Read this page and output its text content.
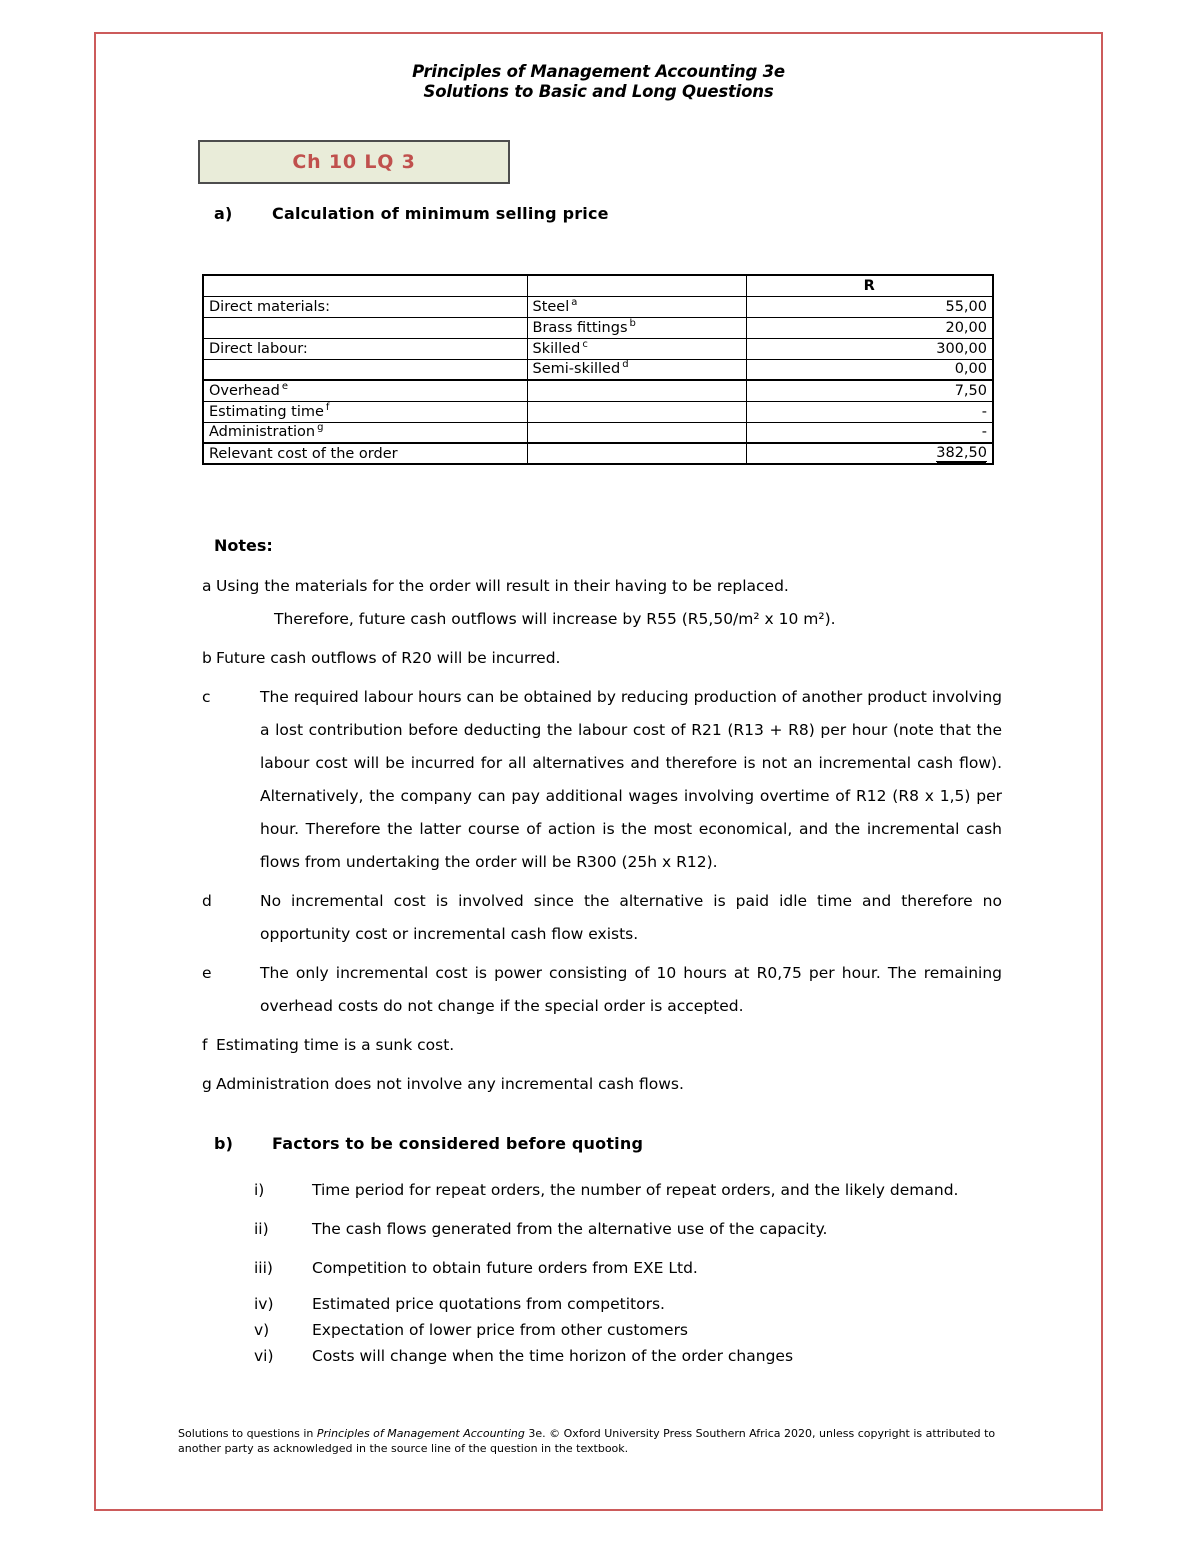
Principles of Management Accounting 3e
Solutions to Basic and Long Questions
Ch 10 LQ 3
a) Calculation of minimum selling price
		R
Direct materials:	Steel $^a$	55,00
	Brass fittings $^b$	20,00
Direct labour:	Skilled $^c$	300,00
	Semi-skilled $^d$	0,00
Overhead $^e$		7,50
Estimating time $^f$		-
Administration $^g$		-
Relevant cost of the order		382,50
Notes:
a Using the materials for the order will result in their having to be replaced.
Therefore, future cash outflows will increase by R55 (R5,50/m² x 10 m²).
b Future cash outflows of R20 will be incurred.
c	The required labour hours can be obtained by reducing production of another product involving a lost contribution before deducting the labour cost of R21 (R13 + R8) per hour (note that the labour cost will be incurred for all alternatives and therefore is not an incremental cash flow). Alternatively, the company can pay additional wages involving overtime of R12 (R8 x 1,5) per hour. Therefore the latter course of action is the most economical, and the incremental cash flows from undertaking the order will be R300 (25h x R12).
d	No incremental cost is involved since the alternative is paid idle time and therefore no opportunity cost or incremental cash flow exists.
e	The only incremental cost is power consisting of 10 hours at R0,75 per hour. The remaining overhead costs do not change if the special order is accepted.
f Estimating time is a sunk cost.
g Administration does not involve any incremental cash flows.
b) Factors to be considered before quoting
i)	Time period for repeat orders, the number of repeat orders, and the likely demand.
ii)	The cash flows generated from the alternative use of the capacity.
iii)	Competition to obtain future orders from EXE Ltd.
iv)	Estimated price quotations from competitors.
v)	Expectation of lower price from other customers
vi)	Costs will change when the time horizon of the order changes
Solutions to questions in Principles of Management Accounting 3e. © Oxford University Press Southern Africa 2020, unless copyright is attributed to another party as acknowledged in the source line of the question in the textbook.
